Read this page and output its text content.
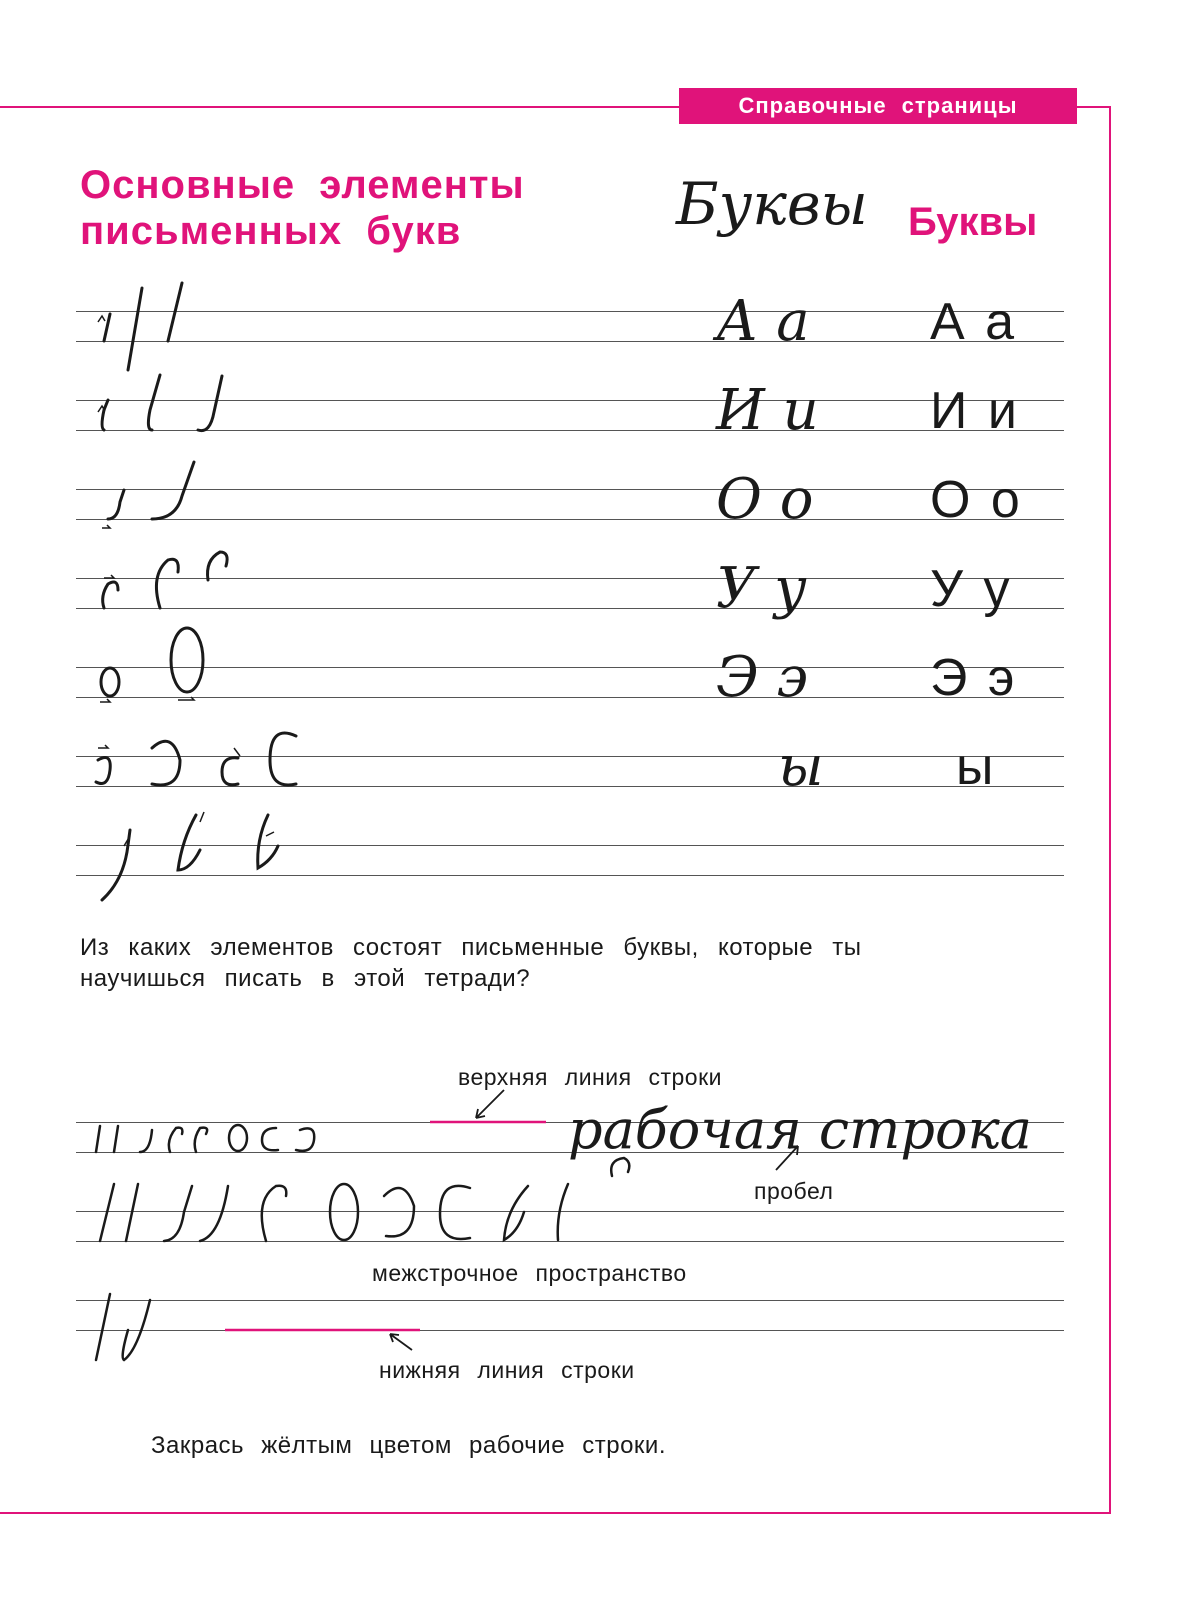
Справочные страницы
Основные элементы
письменных букв	Буквы Буквы
А а А а
И и И и
О о О о
У у У у
Э э Э э
ы	ы
Из каких элементов состоят письменные буквы, которые ты научишься писать в этой тетради?
верхняя линия строки
рабочая строка
пробел
межстрочное пространство
нижняя линия строки
Закрась жёлтым цветом рабочие строки.
